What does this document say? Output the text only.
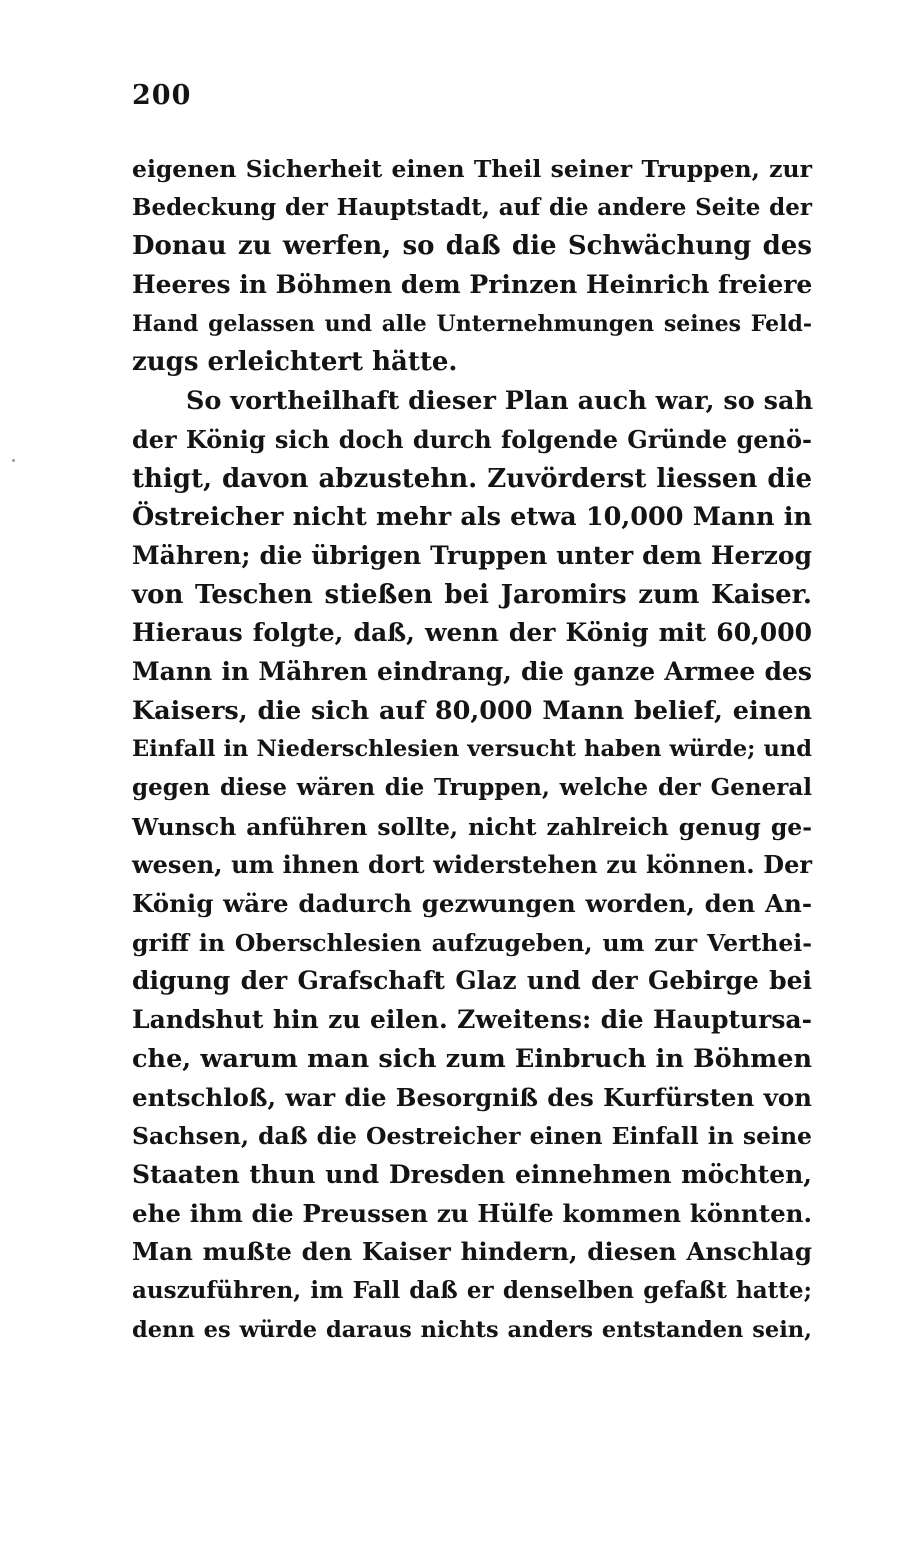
200
eigenen Sicherheit einen Theil seiner Truppen, zur
Bedeckung der Hauptstadt, auf die andere Seite der
Donau zu werfen, so daß die Schwächung des
Heeres in Böhmen dem Prinzen Heinrich freiere
Hand gelassen und alle Unternehmungen seines Feld-
zugs erleichtert hätte.
So vortheilhaft dieser Plan auch war, so sah
der König sich doch durch folgende Gründe genö-
thigt, davon abzustehn. Zuvörderst liessen die
Östreicher nicht mehr als etwa 10,000 Mann in
Mähren; die übrigen Truppen unter dem Herzog
von Teschen stießen bei Jaromirs zum Kaiser.
Hieraus folgte, daß, wenn der König mit 60,000
Mann in Mähren eindrang, die ganze Armee des
Kaisers, die sich auf 80,000 Mann belief, einen
Einfall in Niederschlesien versucht haben würde; und
gegen diese wären die Truppen, welche der General
Wunsch anführen sollte, nicht zahlreich genug ge-
wesen, um ihnen dort widerstehen zu können. Der
König wäre dadurch gezwungen worden, den An-
griff in Oberschlesien aufzugeben, um zur Verthei-
digung der Grafschaft Glaz und der Gebirge bei
Landshut hin zu eilen. Zweitens: die Hauptursa-
che, warum man sich zum Einbruch in Böhmen
entschloß, war die Besorgniß des Kurfürsten von
Sachsen, daß die Oestreicher einen Einfall in seine
Staaten thun und Dresden einnehmen möchten,
ehe ihm die Preussen zu Hülfe kommen könnten.
Man mußte den Kaiser hindern, diesen Anschlag
auszuführen, im Fall daß er denselben gefaßt hatte;
denn es würde daraus nichts anders entstanden sein,
